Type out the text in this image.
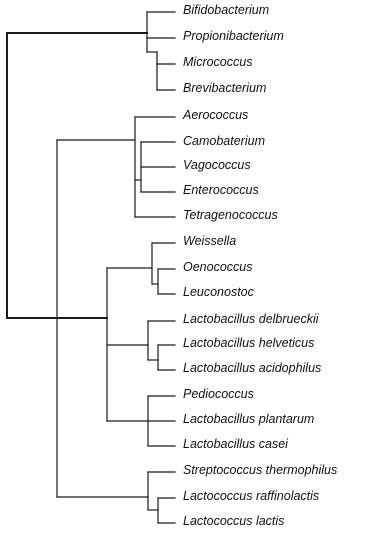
Bifidobacterium
Propionibacterium
Micrococcus
Brevibacterium
Aerococcus
Camobaterium
Vagococcus
Enterococcus
Tetragenococcus
Weissella
Oenococcus
Leuconostoc
Lactobacillus delbrueckii
Lactobacillus helveticus
Lactobacillus acidophilus
Pediococcus
Lactobacillus plantarum
Lactobacillus casei
Streptococcus thermophilus
Lactococcus raffinolactis
Lactococcus lactis
